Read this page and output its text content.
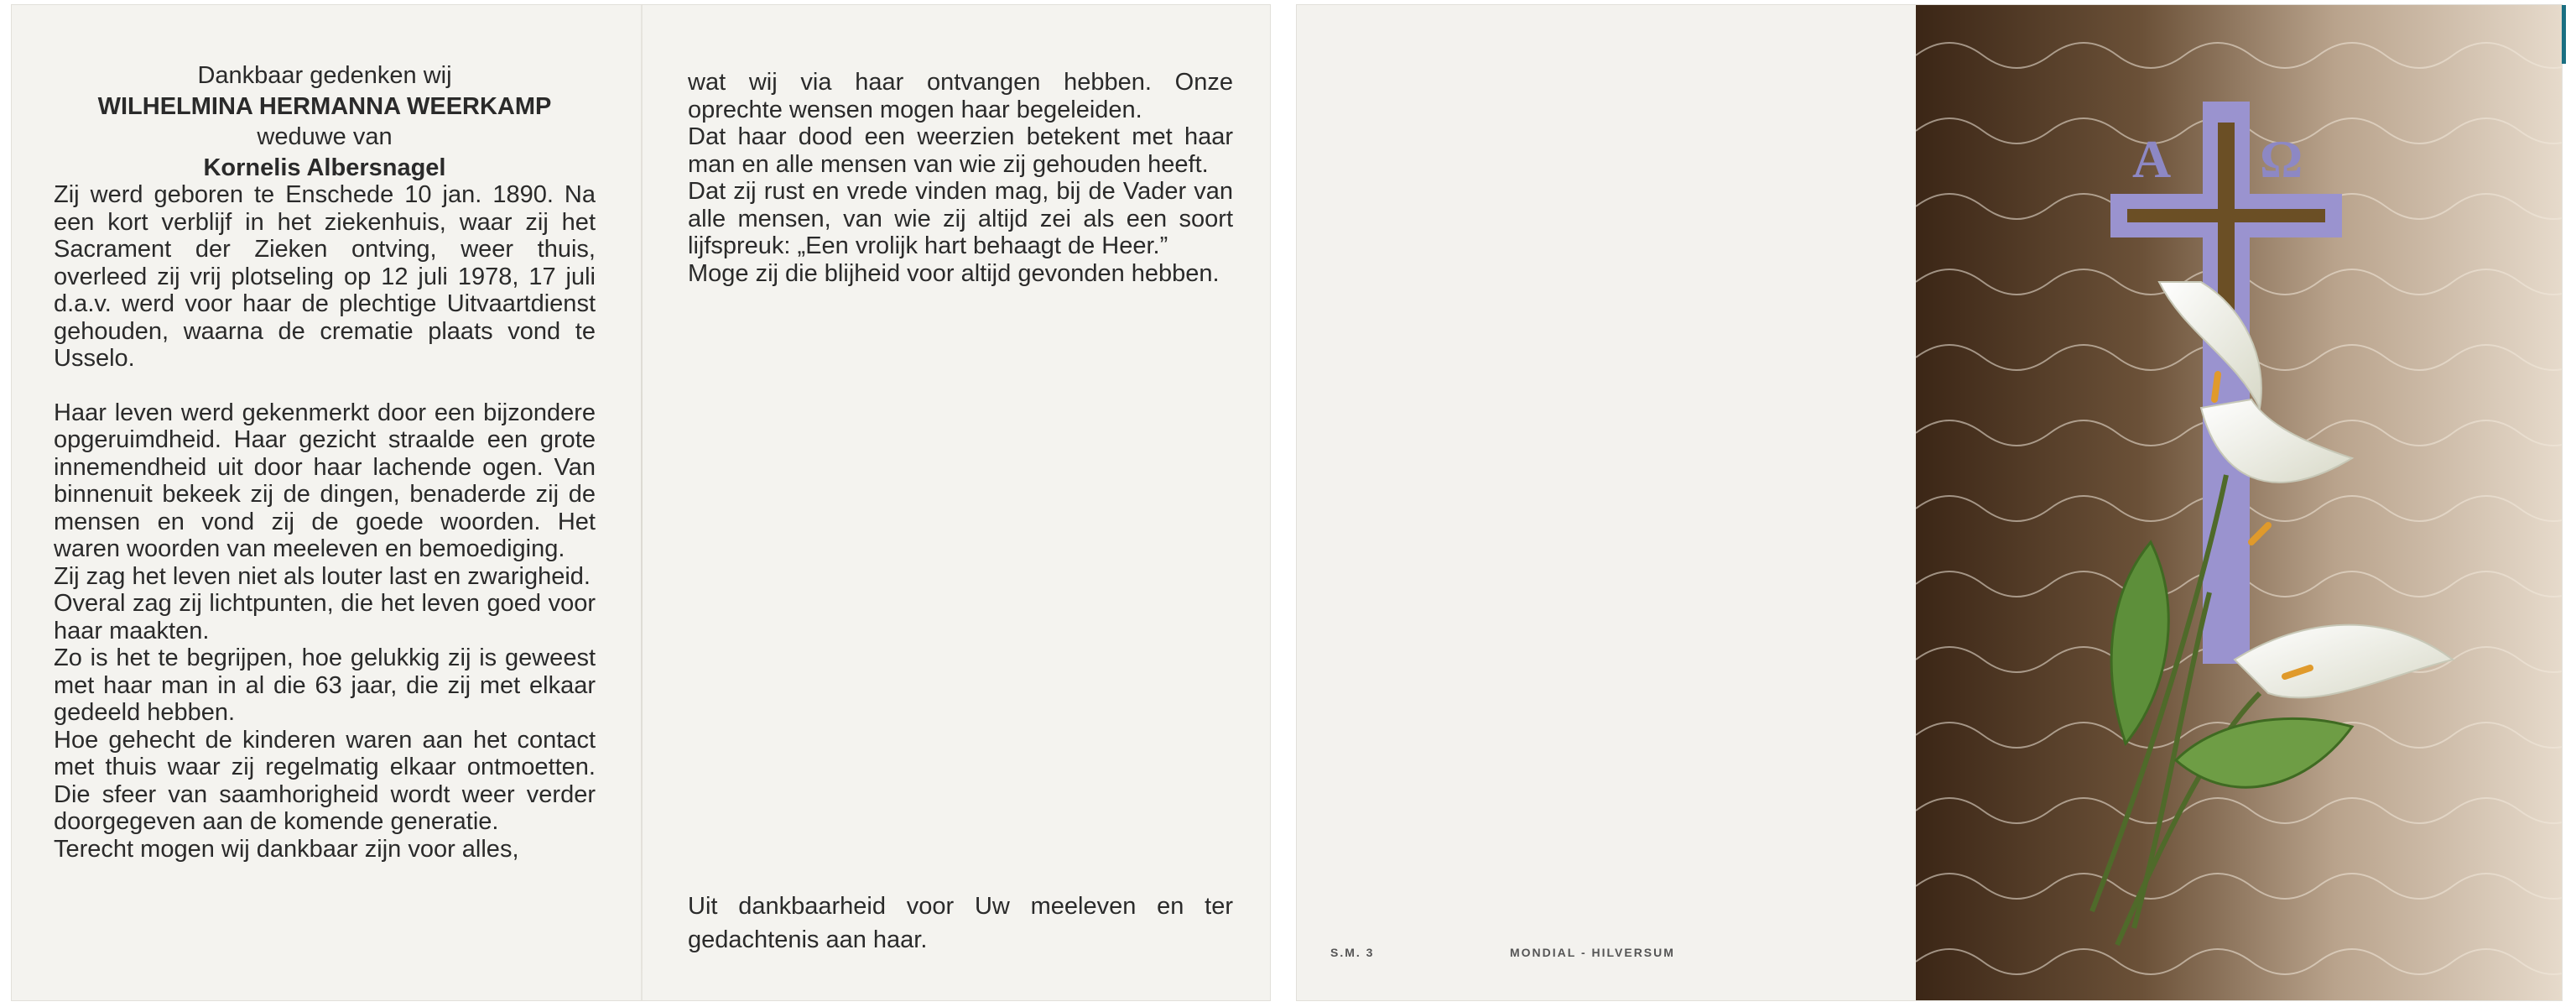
Dankbaar gedenken wij

WILHELMINA HERMANNA WEERKAMP

weduwe van

Kornelis Albersnagel

Zij werd geboren te Enschede 10 jan. 1890. Na een kort verblijf in het ziekenhuis, waar zij het Sacrament der Zieken ontving, weer thuis, overleed zij vrij plotseling op 12 juli 1978, 17 juli d.a.v. werd voor haar de plechtige Uitvaartdienst gehouden, waarna de crematie plaats vond te Usselo.

Haar leven werd gekenmerkt door een bijzondere opgeruimdheid. Haar gezicht straalde een grote innemendheid uit door haar lachende ogen. Van binnenuit bekeek zij de dingen, benaderde zij de mensen en vond zij de goede woorden. Het waren woorden van meeleven en bemoediging.

Zij zag het leven niet als louter last en zwarigheid.

Overal zag zij lichtpunten, die het leven goed voor haar maakten.

Zo is het te begrijpen, hoe gelukkig zij is geweest met haar man in al die 63 jaar, die zij met elkaar gedeeld hebben.

Hoe gehecht de kinderen waren aan het contact met thuis waar zij regelmatig elkaar ontmoetten. Die sfeer van saamhorigheid wordt weer verder doorgegeven aan de komende generatie.

Terecht mogen wij dankbaar zijn voor alles,

wat wij via haar ontvangen hebben. Onze oprechte wensen mogen haar begeleiden.

Dat haar dood een weerzien betekent met haar man en alle mensen van wie zij gehouden heeft.

Dat zij rust en vrede vinden mag, bij de Vader van alle mensen, van wie zij altijd zei als een soort lijfspreuk: „Een vrolijk hart behaagt de Heer.”

Moge zij die blijheid voor altijd gevonden hebben.

Uit dankbaarheid voor Uw meeleven en ter gedachtenis aan haar.	S.M. 3	MONDIAL - HILVERSUM
A Ω
